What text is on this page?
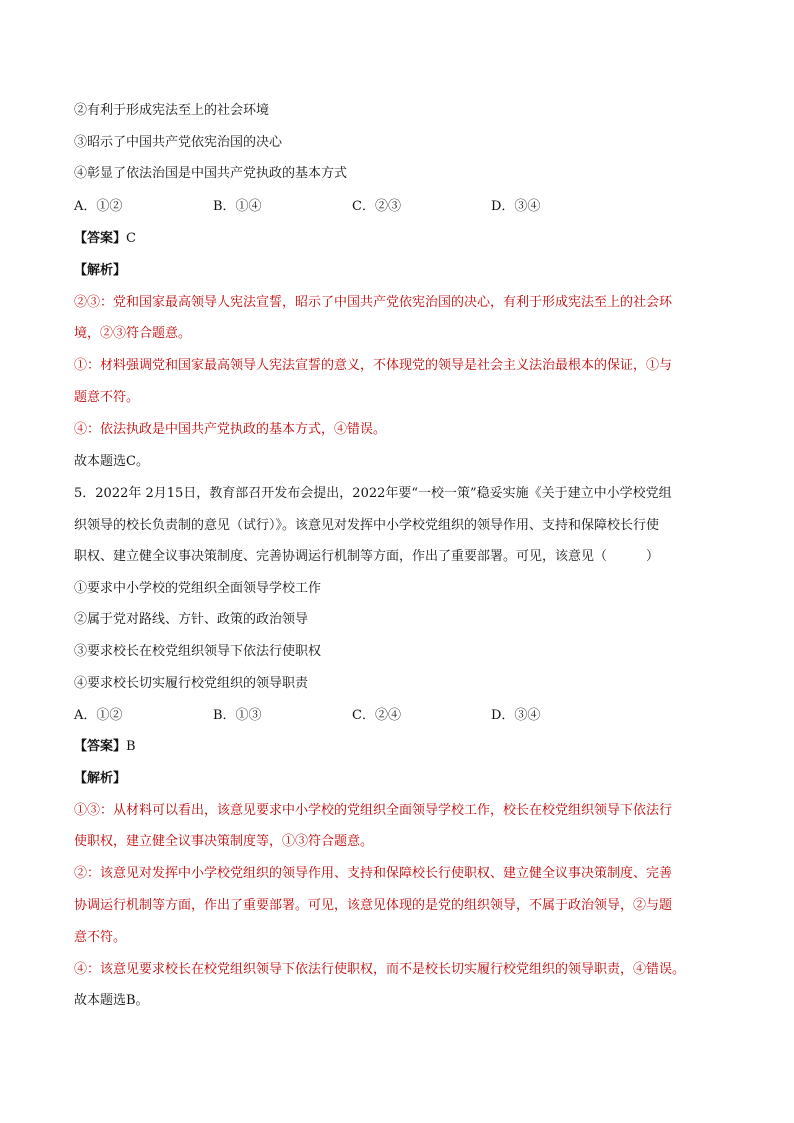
②有利于形成宪法至上的社会环境
③昭示了中国共产党依宪治国的决心
④彰显了依法治国是中国共产党执政的基本方式
A．①②	B．①④	C．②③	D．③④
【答案】C
【解析】
②③：党和国家最高领导人宪法宣誓，昭示了中国共产党依宪治国的决心，有利于形成宪法至上的社会环
境，②③符合题意。
①：材料强调党和国家最高领导人宪法宣誓的意义，不体现党的领导是社会主义法治最根本的保证，①与
题意不符。
④：依法执政是中国共产党执政的基本方式，④错误。
故本题选C。
5．2022年 2月15日，教育部召开发布会提出，2022年要“一校一策”稳妥实施《关于建立中小学校党组
织领导的校长负责制的意见（试行）》。该意见对发挥中小学校党组织的领导作用、支持和保障校长行使
职权、建立健全议事决策制度、完善协调运行机制等方面，作出了重要部署。可见，该意见（　　　）
①要求中小学校的党组织全面领导学校工作
②属于党对路线、方针、政策的政治领导
③要求校长在校党组织领导下依法行使职权
④要求校长切实履行校党组织的领导职责
A．①②	B．①③	C．②④	D．③④
【答案】B
【解析】
①③：从材料可以看出，该意见要求中小学校的党组织全面领导学校工作，校长在校党组织领导下依法行
使职权，建立健全议事决策制度等，①③符合题意。
②：该意见对发挥中小学校党组织的领导作用、支持和保障校长行使职权、建立健全议事决策制度、完善
协调运行机制等方面，作出了重要部署。可见，该意见体现的是党的组织领导，不属于政治领导，②与题
意不符。
④：该意见要求校长在校党组织领导下依法行使职权，而不是校长切实履行校党组织的领导职责，④错误。
故本题选B。
